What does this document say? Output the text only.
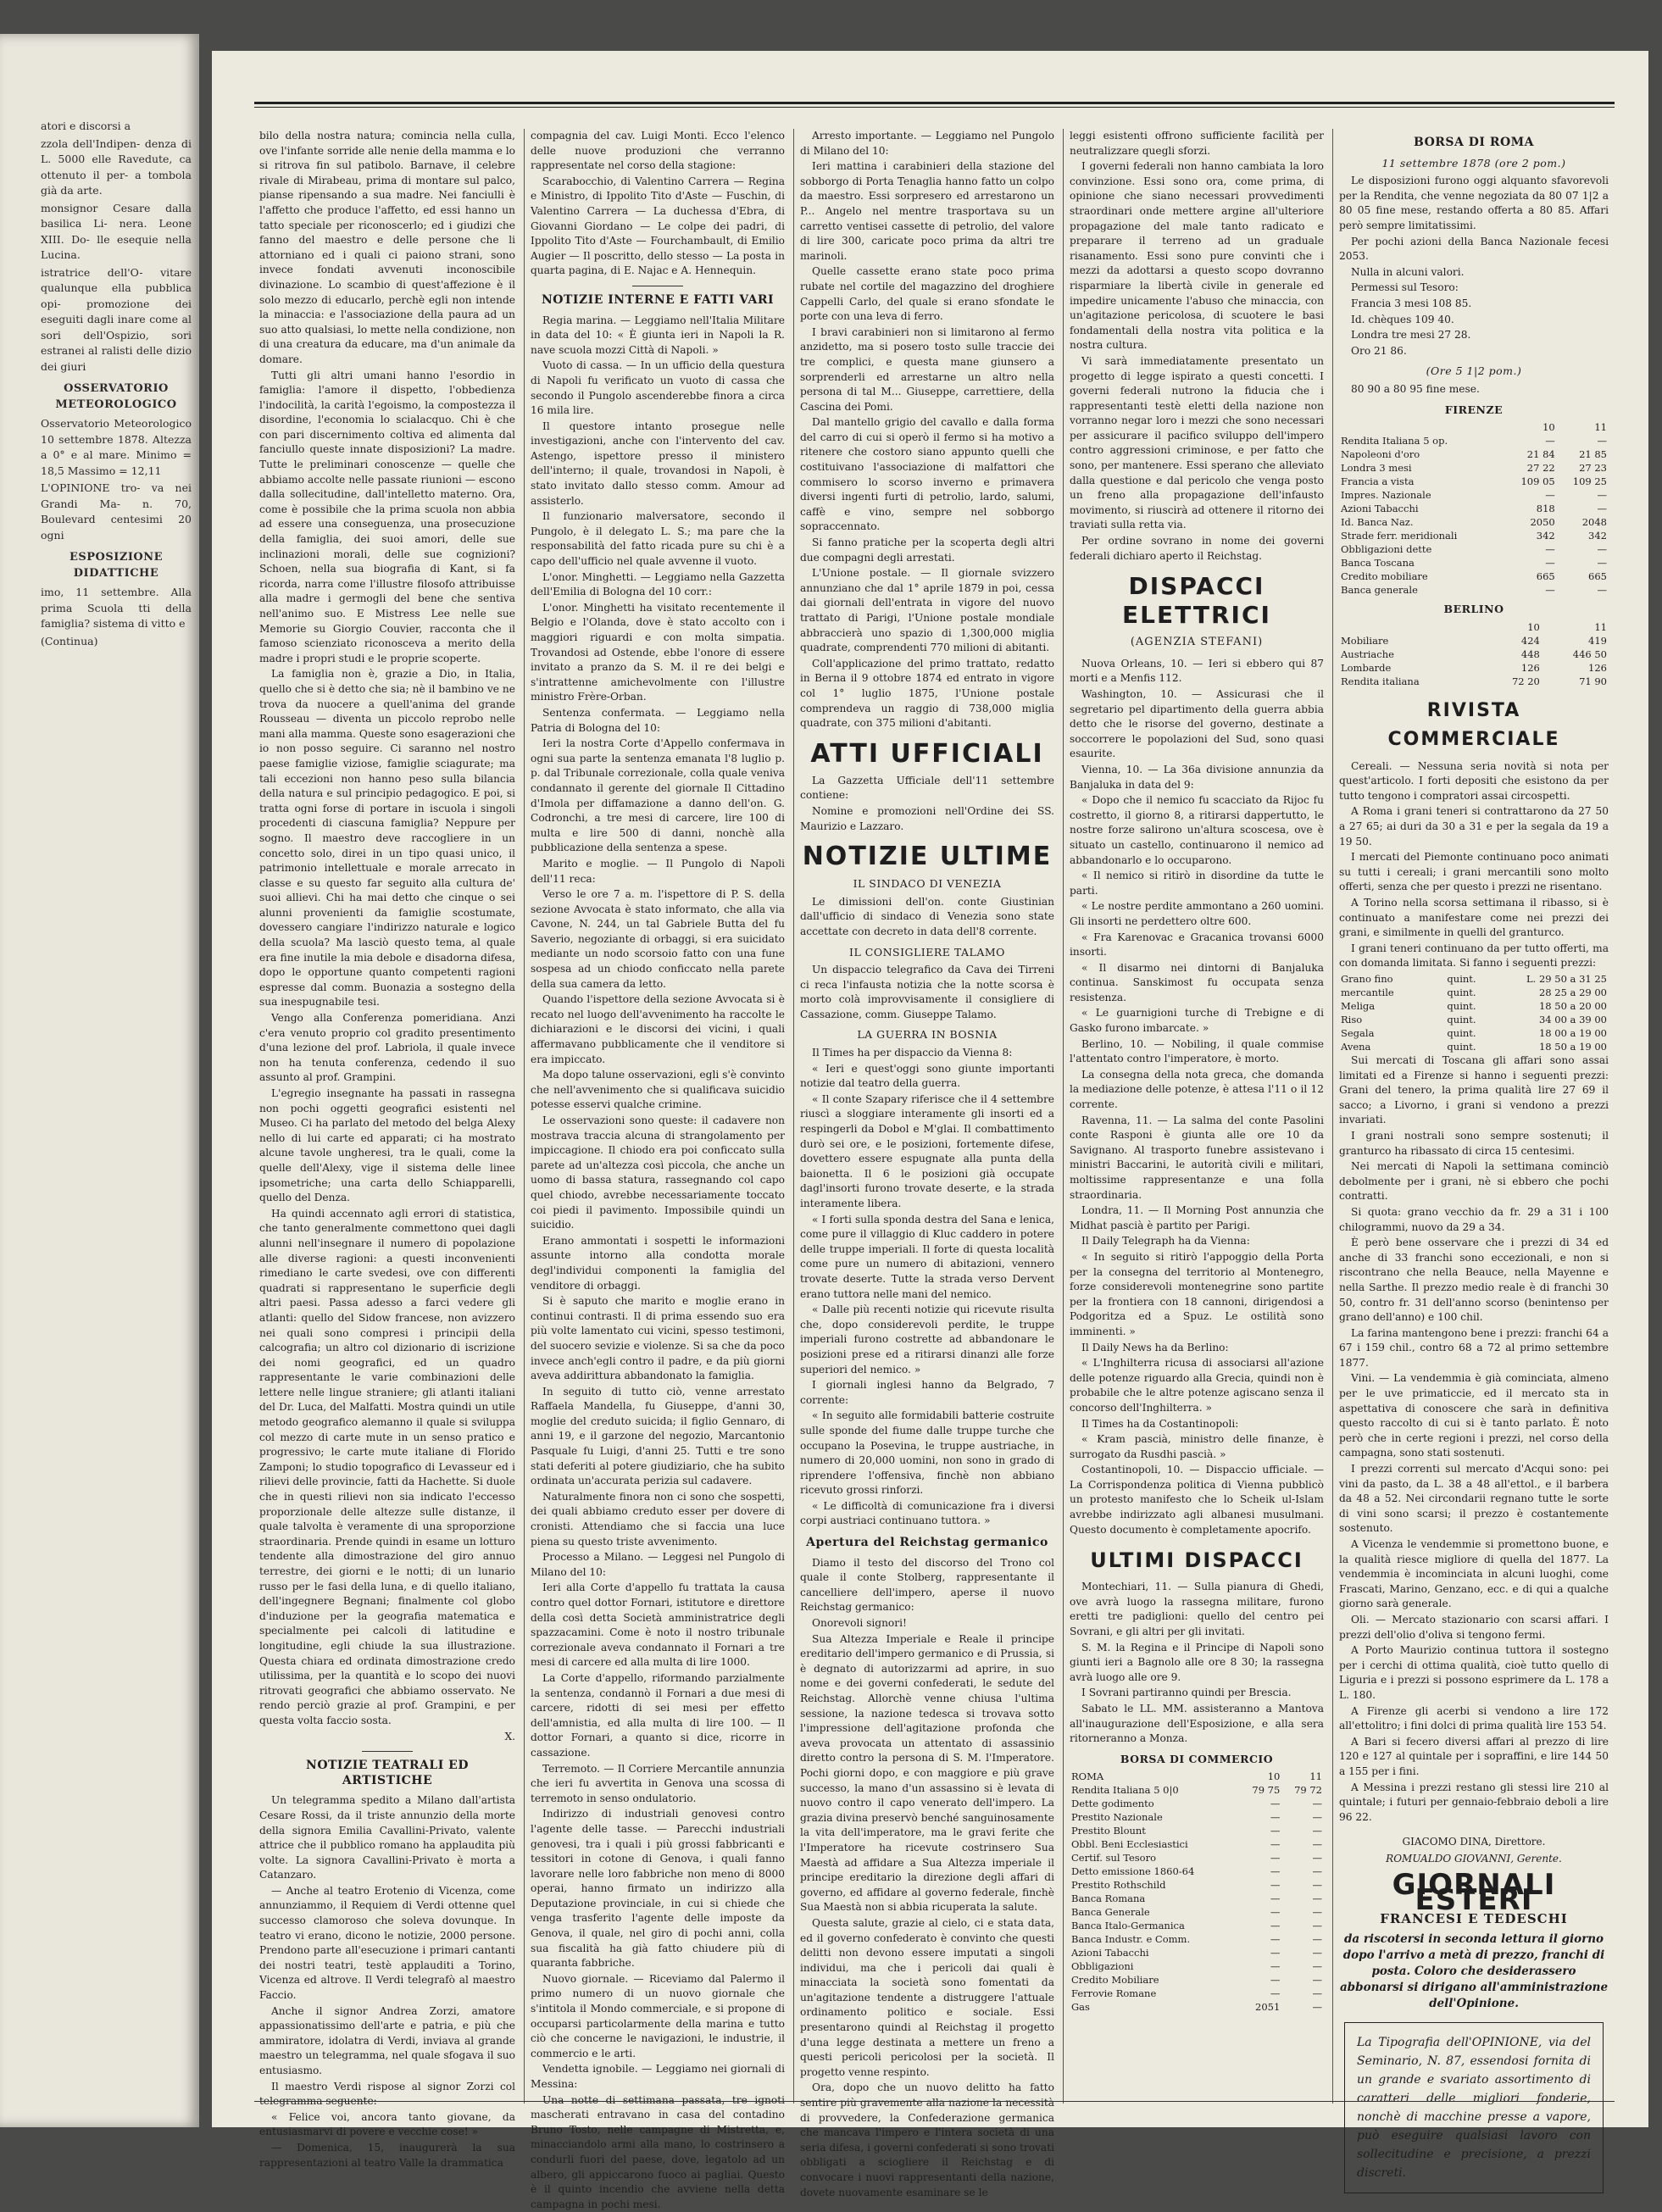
atori e discorsi a

zzola dell'Indipen- denza di L. 5000 elle Ravedute, ca ottenuto il per- a tombola già da arte.

monsignor Cesare dalla basilica Li- nera. Leone XIII. Do- lle esequie nella Lucina.

istratrice dell'O- vitare qualunque ella pubblica opi- promozione dei eseguiti dagli inare come al sori dell'Ospizio, sori estranei al ralisti delle dizio dei giuri

OSSERVATORIO METEOROLOGICO

Osservatorio Meteorologico 10 settembre 1878. Altezza a 0° e al mare. Minimo = 18,5 Massimo = 12,11

L'OPINIONE tro- va nei Grandi Ma- n. 70, Boulevard centesimi 20 ogni

ESPOSIZIONE DIDATTICHE

imo, 11 settembre. Alla prima Scuola tti della famiglia? sistema di vitto e

(Continua)

bilo della nostra natura; comincia nella culla, ove l'infante sorride alle nenie della mamma e lo si ritrova fin sul patibolo. Barnave, il celebre rivale di Mirabeau, prima di montare sul palco, pianse ripensando a sua madre. Nei fanciulli è l'affetto che produce l'affetto, ed essi hanno un tatto speciale per riconoscerlo; ed i giudizi che fanno del maestro e delle persone che li attorniano ed i quali ci paiono strani, sono invece fondati avvenuti inconoscibile divinazione. Lo scambio di quest'affezione è il solo mezzo di educarlo, perchè egli non intende la minaccia: e l'associazione della paura ad un suo atto qualsiasi, lo mette nella condizione, non di una creatura da educare, ma d'un animale da domare.

Tutti gli altri umani hanno l'esordio in famiglia: l'amore il dispetto, l'obbedienza l'indocilità, la carità l'egoismo, la compostezza il disordine, l'economia lo scialacquo. Chi è che con pari discernimento coltiva ed alimenta dal fanciullo queste innate disposizioni? La madre. Tutte le preliminari conoscenze — quelle che abbiamo accolte nelle passate riunioni — escono dalla sollecitudine, dall'intelletto materno. Ora, come è possibile che la prima scuola non abbia ad essere una conseguenza, una prosecuzione della famiglia, dei suoi amori, delle sue inclinazioni morali, delle sue cognizioni? Schoen, nella sua biografia di Kant, si fa ricorda, narra come l'illustre filosofo attribuisse alla madre i germogli del bene che sentiva nell'animo suo. E Mistress Lee nelle sue Memorie su Giorgio Couvier, racconta che il famoso scienziato riconosceva a merito della madre i propri studi e le proprie scoperte.

La famiglia non è, grazie a Dio, in Italia, quello che si è detto che sia; nè il bambino ve ne trova da nuocere a quell'anima del grande Rousseau — diventa un piccolo reprobo nelle mani alla mamma. Queste sono esagerazioni che io non posso seguire. Ci saranno nel nostro paese famiglie viziose, famiglie sciagurate; ma tali eccezioni non hanno peso sulla bilancia della natura e sul principio pedagogico. E poi, si tratta ogni forse di portare in iscuola i singoli procedenti di ciascuna famiglia? Neppure per sogno. Il maestro deve raccogliere in un concetto solo, direi in un tipo quasi unico, il patrimonio intellettuale e morale arrecato in classe e su questo far seguito alla cultura de' suoi allievi. Chi ha mai detto che cinque o sei alunni provenienti da famiglie scostumate, dovessero cangiare l'indirizzo naturale e logico della scuola? Ma lasciò questo tema, al quale era fine inutile la mia debole e disadorna difesa, dopo le opportune quanto competenti ragioni espresse dal comm. Buonazia a sostegno della sua inespugnabile tesi.

Vengo alla Conferenza pomeridiana. Anzi c'era venuto proprio col gradito presentimento d'una lezione del prof. Labriola, il quale invece non ha tenuta conferenza, cedendo il suo assunto al prof. Grampini.

L'egregio insegnante ha passati in rassegna non pochi oggetti geografici esistenti nel Museo. Ci ha parlato del metodo del belga Alexy nello di lui carte ed apparati; ci ha mostrato alcune tavole ungheresi, tra le quali, come la quelle dell'Alexy, vige il sistema delle linee ipsometriche; una carta dello Schiapparelli, quello del Denza.

Ha quindi accennato agli errori di statistica, che tanto generalmente commettono quei dagli alunni nell'insegnare il numero di popolazione alle diverse ragioni: a questi inconvenienti rimediano le carte svedesi, ove con differenti quadrati si rappresentano le superficie degli altri paesi. Passa adesso a farci vedere gli atlanti: quello del Sidow francese, non avizzero nei quali sono compresi i principii della calcografia; un altro col dizionario di iscrizione dei nomi geografici, ed un quadro rappresentante le varie combinazioni delle lettere nelle lingue straniere; gli atlanti italiani del Dr. Luca, del Malfatti. Mostra quindi un utile metodo geografico alemanno il quale si sviluppa col mezzo di carte mute in un senso pratico e progressivo; le carte mute italiane di Florido Zamponi; lo studio topografico di Levasseur ed i rilievi delle provincie, fatti da Hachette. Si duole che in questi rilievi non sia indicato l'eccesso proporzionale delle altezze sulle distanze, il quale talvolta è veramente di una sproporzione straordinaria. Prende quindi in esame un lotturo tendente alla dimostrazione del giro annuo terrestre, dei giorni e le notti; di un lunario russo per le fasi della luna, e di quello italiano, dell'ingegnere Begnani; finalmente col globo d'induzione per la geografia matematica e specialmente pei calcoli di latitudine e longitudine, egli chiude la sua illustrazione. Questa chiara ed ordinata dimostrazione credo utilissima, per la quantità e lo scopo dei nuovi ritrovati geografici che abbiamo osservato. Ne rendo perciò grazie al prof. Grampini, e per questa volta faccio sosta.

X.

NOTIZIE TEATRALI ED ARTISTICHE

Un telegramma spedito a Milano dall'artista Cesare Rossi, da il triste annunzio della morte della signora Emilia Cavallini-Privato, valente attrice che il pubblico romano ha applaudita più volte. La signora Cavallini-Privato è morta a Catanzaro.

— Anche al teatro Erotenio di Vicenza, come annunziammo, il Requiem di Verdi ottenne quel successo clamoroso che soleva dovunque. In teatro vi erano, dicono le notizie, 2000 persone. Prendono parte all'esecuzione i primari cantanti dei nostri teatri, testè applauditi a Torino, Vicenza ed altrove. Il Verdi telegrafò al maestro Faccio.

Anche il signor Andrea Zorzi, amatore appassionatissimo dell'arte e patria, e più che ammiratore, idolatra di Verdi, inviava al grande maestro un telegramma, nel quale sfogava il suo entusiasmo.

Il maestro Verdi rispose al signor Zorzi col telegramma seguente:

« Felice voi, ancora tanto giovane, da entusiasmarvi di povere e vecchie cose! »

— Domenica, 15, inaugurerà la sua rappresentazioni al teatro Valle la drammatica

compagnia del cav. Luigi Monti. Ecco l'elenco delle nuove produzioni che verranno rappresentate nel corso della stagione:

Scarabocchio, di Valentino Carrera — Regina e Ministro, di Ippolito Tito d'Aste — Fuschin, di Valentino Carrera — La duchessa d'Ebra, di Giovanni Giordano — Le colpe dei padri, di Ippolito Tito d'Aste — Fourchambault, di Emilio Augier — Il poscritto, dello stesso — La posta in quarta pagina, di E. Najac e A. Hennequin.

NOTIZIE INTERNE E FATTI VARI

Regia marina. — Leggiamo nell'Italia Militare in data del 10: « È giunta ieri in Napoli la R. nave scuola mozzi Città di Napoli. »

Vuoto di cassa. — In un ufficio della questura di Napoli fu verificato un vuoto di cassa che secondo il Pungolo ascenderebbe finora a circa 16 mila lire.

Il questore intanto prosegue nelle investigazioni, anche con l'intervento del cav. Astengo, ispettore presso il ministero dell'interno; il quale, trovandosi in Napoli, è stato invitato dallo stesso comm. Amour ad assisterlo.

Il funzionario malversatore, secondo il Pungolo, è il delegato L. S.; ma pare che la responsabilità del fatto ricada pure su chi è a capo dell'ufficio nel quale avvenne il vuoto.

L'onor. Minghetti. — Leggiamo nella Gazzetta dell'Emilia di Bologna del 10 corr.:

L'onor. Minghetti ha visitato recentemente il Belgio e l'Olanda, dove è stato accolto con i maggiori riguardi e con molta simpatia. Trovandosi ad Ostende, ebbe l'onore di essere invitato a pranzo da S. M. il re dei belgi e s'intrattenne amichevolmente con l'illustre ministro Frère-Orban.

Sentenza confermata. — Leggiamo nella Patria di Bologna del 10:

Ieri la nostra Corte d'Appello confermava in ogni sua parte la sentenza emanata l'8 luglio p. p. dal Tribunale correzionale, colla quale veniva condannato il gerente del giornale Il Cittadino d'Imola per diffamazione a danno dell'on. G. Codronchi, a tre mesi di carcere, lire 100 di multa e lire 500 di danni, nonchè alla pubblicazione della sentenza a spese.

Marito e moglie. — Il Pungolo di Napoli dell'11 reca:

Verso le ore 7 a. m. l'ispettore di P. S. della sezione Avvocata è stato informato, che alla via Cavone, N. 244, un tal Gabriele Butta del fu Saverio, negoziante di orbaggi, si era suicidato mediante un nodo scorsoio fatto con una fune sospesa ad un chiodo conficcato nella parete della sua camera da letto.

Quando l'ispettore della sezione Avvocata si è recato nel luogo dell'avvenimento ha raccolte le dichiarazioni e le discorsi dei vicini, i quali affermavano pubblicamente che il venditore si era impiccato.

Ma dopo talune osservazioni, egli s'è convinto che nell'avvenimento che si qualificava suicidio potesse esservi qualche crimine.

Le osservazioni sono queste: il cadavere non mostrava traccia alcuna di strangolamento per impiccagione. Il chiodo era poi conficcato sulla parete ad un'altezza così piccola, che anche un uomo di bassa statura, rassegnando col capo quel chiodo, avrebbe necessariamente toccato coi piedi il pavimento. Impossibile quindi un suicidio.

Erano ammontati i sospetti le informazioni assunte intorno alla condotta morale degl'individui componenti la famiglia del venditore di orbaggi.

Si è saputo che marito e moglie erano in continui contrasti. Il di prima essendo suo era più volte lamentato cui vicini, spesso testimoni, del suocero sevizie e violenze. Si sa che da poco invece anch'egli contro il padre, e da più giorni aveva addirittura abbandonato la famiglia.

In seguito di tutto ciò, venne arrestato Raffaela Mandella, fu Giuseppe, d'anni 30, moglie del creduto suicida; il figlio Gennaro, di anni 19, e il garzone del negozio, Marcantonio Pasquale fu Luigi, d'anni 25. Tutti e tre sono stati deferiti al potere giudiziario, che ha subito ordinata un'accurata perizia sul cadavere.

Naturalmente finora non ci sono che sospetti, dei quali abbiamo creduto esser per dovere di cronisti. Attendiamo che si faccia una luce piena su questo triste avvenimento.

Processo a Milano. — Leggesi nel Pungolo di Milano del 10:

Ieri alla Corte d'appello fu trattata la causa contro quel dottor Fornari, istitutore e direttore della così detta Società amministratrice degli spazzacamini. Come è noto il nostro tribunale correzionale aveva condannato il Fornari a tre mesi di carcere ed alla multa di lire 1000.

La Corte d'appello, riformando parzialmente la sentenza, condannò il Fornari a due mesi di carcere, ridotti di sei mesi per effetto dell'amnistia, ed alla multa di lire 100. — Il dottor Fornari, a quanto si dice, ricorre in cassazione.

Terremoto. — Il Corriere Mercantile annunzia che ieri fu avvertita in Genova una scossa di terremoto in senso ondulatorio.

Indirizzo di industriali genovesi contro l'agente delle tasse. — Parecchi industriali genovesi, tra i quali i più grossi fabbricanti e tessitori in cotone di Genova, i quali fanno lavorare nelle loro fabbriche non meno di 8000 operai, hanno firmato un indirizzo alla Deputazione provinciale, in cui si chiede che venga trasferito l'agente delle imposte da Genova, il quale, nel giro di pochi anni, colla sua fiscalità ha già fatto chiudere più di quaranta fabbriche.

Nuovo giornale. — Riceviamo dal Palermo il primo numero di un nuovo giornale che s'intitola il Mondo commerciale, e si propone di occuparsi particolarmente della marina e tutto ciò che concerne le navigazioni, le industrie, il commercio e le arti.

Vendetta ignobile. — Leggiamo nei giornali di Messina:

Una notte di settimana passata, tre ignoti mascherati entravano in casa del contadino Bruno Tosto, nelle campagne di Mistretta, e, minacciandolo armi alla mano, lo costrinsero a condurli fuori del paese, dove, legatolo ad un albero, gli appiccarono fuoco ai pagliai. Questo è il quinto incendio che avviene nella detta campagna in pochi mesi.

Arresto importante. — Leggiamo nel Pungolo di Milano del 10:

Ieri mattina i carabinieri della stazione del sobborgo di Porta Tenaglia hanno fatto un colpo da maestro. Essi sorpresero ed arrestarono un P... Angelo nel mentre trasportava su un carretto ventisei cassette di petrolio, del valore di lire 300, caricate poco prima da altri tre marinoli.

Quelle cassette erano state poco prima rubate nel cortile del magazzino del droghiere Cappelli Carlo, del quale si erano sfondate le porte con una leva di ferro.

I bravi carabinieri non si limitarono al fermo anzidetto, ma si posero tosto sulle traccie dei tre complici, e questa mane giunsero a sorprenderli ed arrestarne un altro nella persona di tal M... Giuseppe, carrettiere, della Cascina dei Pomi.

Dal mantello grigio del cavallo e dalla forma del carro di cui si operò il fermo si ha motivo a ritenere che costoro siano appunto quelli che costituivano l'associazione di malfattori che commisero lo scorso inverno e primavera diversi ingenti furti di petrolio, lardo, salumi, caffè e vino, sempre nel sobborgo sopraccennato.

Si fanno pratiche per la scoperta degli altri due compagni degli arrestati.

L'Unione postale. — Il giornale svizzero annunziano che dal 1° aprile 1879 in poi, cessa dai giornali dell'entrata in vigore del nuovo trattato di Parigi, l'Unione postale mondiale abbraccierà uno spazio di 1,300,000 miglia quadrate, comprendenti 770 milioni di abitanti.

Coll'applicazione del primo trattato, redatto in Berna il 9 ottobre 1874 ed entrato in vigore col 1° luglio 1875, l'Unione postale comprendeva un raggio di 738,000 miglia quadrate, con 375 milioni d'abitanti.

ATTI UFFICIALI

La Gazzetta Ufficiale dell'11 settembre contiene:

Nomine e promozioni nell'Ordine dei SS. Maurizio e Lazzaro.

NOTIZIE ULTIME
IL SINDACO DI VENEZIA

Le dimissioni dell'on. conte Giustinian dall'ufficio di sindaco di Venezia sono state accettate con decreto in data dell'8 corrente.

IL CONSIGLIERE TALAMO

Un dispaccio telegrafico da Cava dei Tirreni ci reca l'infausta notizia che la notte scorsa è morto colà improvvisamente il consigliere di Cassazione, comm. Giuseppe Talamo.

LA GUERRA IN BOSNIA

Il Times ha per dispaccio da Vienna 8:

« Ieri e quest'oggi sono giunte importanti notizie dal teatro della guerra.

« Il conte Szapary riferisce che il 4 settembre riuscì a sloggiare interamente gli insorti ed a respingerli da Dobol e M'glai. Il combattimento durò sei ore, e le posizioni, fortemente difese, dovettero essere espugnate alla punta della baionetta. Il 6 le posizioni già occupate dagl'insorti furono trovate deserte, e la strada interamente libera.

« I forti sulla sponda destra del Sana e lenica, come pure il villaggio di Kluc caddero in potere delle truppe imperiali. Il forte di questa località come pure un numero di abitazioni, vennero trovate deserte. Tutte la strada verso Dervent erano tuttora nelle mani del nemico.

« Dalle più recenti notizie qui ricevute risulta che, dopo considerevoli perdite, le truppe imperiali furono costrette ad abbandonare le posizioni prese ed a ritirarsi dinanzi alle forze superiori del nemico. »

I giornali inglesi hanno da Belgrado, 7 corrente:

« In seguito alle formidabili batterie costruite sulle sponde del fiume dalle truppe turche che occupano la Posevina, le truppe austriache, in numero di 20,000 uomini, non sono in grado di riprendere l'offensiva, finchè non abbiano ricevuto grossi rinforzi.

« Le difficoltà di comunicazione fra i diversi corpi austriaci continuano tuttora. »

Apertura del Reichstag germanico

Diamo il testo del discorso del Trono col quale il conte Stolberg, rappresentante il cancelliere dell'impero, aperse il nuovo Reichstag germanico:

Onorevoli signori!

Sua Altezza Imperiale e Reale il principe ereditario dell'impero germanico e di Prussia, si è degnato di autorizzarmi ad aprire, in suo nome e dei governi confederati, le sedute del Reichstag. Allorchè venne chiusa l'ultima sessione, la nazione tedesca si trovava sotto l'impressione dell'agitazione profonda che aveva provocata un attentato di assassinio diretto contro la persona di S. M. l'Imperatore. Pochi giorni dopo, e con maggiore e più grave successo, la mano d'un assassino si è levata di nuovo contro il capo venerato dell'impero. La grazia divina preservò benché sanguinosamente la vita dell'imperatore, ma le gravi ferite che l'Imperatore ha ricevute costrinsero Sua Maestà ad affidare a Sua Altezza imperiale il principe ereditario la direzione degli affari di governo, ed affidare al governo federale, finchè Sua Maestà non si abbia ricuperata la salute.

Questa salute, grazie al cielo, ci e stata data, ed il governo confederato è convinto che questi delitti non devono essere imputati a singoli individui, ma che i pericoli dai quali è minacciata la società sono fomentati da un'agitazione tendente a distruggere l'attuale ordinamento politico e sociale. Essi presentarono quindi al Reichstag il progetto d'una legge destinata a mettere un freno a questi pericoli pericolosi per la società. Il progetto venne respinto.

Ora, dopo che un nuovo delitto ha fatto sentire più gravemente alla nazione la necessità di provvedere, la Confederazione germanica che mancava l'impero e l'intera società di una seria difesa, i governi confederati si sono trovati obbligati a sciogliere il Reichstag e di convocare i nuovi rappresentanti della nazione, dovete nuovamente esaminare se le

leggi esistenti offrono sufficiente facilità per neutralizzare quegli sforzi.

I governi federali non hanno cambiata la loro convinzione. Essi sono ora, come prima, di opinione che siano necessari provvedimenti straordinari onde mettere argine all'ulteriore propagazione del male tanto radicato e preparare il terreno ad un graduale risanamento. Essi sono pure convinti che i mezzi da adottarsi a questo scopo dovranno risparmiare la libertà civile in generale ed impedire unicamente l'abuso che minaccia, con un'agitazione pericolosa, di scuotere le basi fondamentali della nostra vita politica e la nostra cultura.

Vi sarà immediatamente presentato un progetto di legge ispirato a questi concetti. I governi federali nutrono la fiducia che i rappresentanti testè eletti della nazione non vorranno negar loro i mezzi che sono necessari per assicurare il pacifico sviluppo dell'impero contro aggressioni criminose, e per fatto che sono, per mantenere. Essi sperano che alleviato dalla questione e dal pericolo che venga posto un freno alla propagazione dell'infausto movimento, si riuscirà ad ottenere il ritorno dei traviati sulla retta via.

Per ordine sovrano in nome dei governi federali dichiaro aperto il Reichstag.

DISPACCI ELETTRICI
(AGENZIA STEFANI)

Nuova Orleans, 10. — Ieri si ebbero qui 87 morti e a Menfis 112.

Washington, 10. — Assicurasi che il segretario pel dipartimento della guerra abbia detto che le risorse del governo, destinate a soccorrere le popolazioni del Sud, sono quasi esaurite.

Vienna, 10. — La 36a divisione annunzia da Banjaluka in data del 9:

« Dopo che il nemico fu scacciato da Rijoc fu costretto, il giorno 8, a ritirarsi dappertutto, le nostre forze salirono un'altura scoscesa, ove è situato un castello, continuarono il nemico ad abbandonarlo e lo occuparono.

« Il nemico si ritirò in disordine da tutte le parti.

« Le nostre perdite ammontano a 260 uomini. Gli insorti ne perdettero oltre 600.

« Fra Karenovac e Gracanica trovansi 6000 insorti.

« Il disarmo nei dintorni di Banjaluka continua. Sanskimost fu occupata senza resistenza.

« Le guarnigioni turche di Trebigne e di Gasko furono imbarcate. »

Berlino, 10. — Nobiling, il quale commise l'attentato contro l'imperatore, è morto.

La consegna della nota greca, che domanda la mediazione delle potenze, è attesa l'11 o il 12 corrente.

Ravenna, 11. — La salma del conte Pasolini conte Rasponi è giunta alle ore 10 da Savignano. Al trasporto funebre assistevano i ministri Baccarini, le autorità civili e militari, moltissime rappresentanze e una folla straordinaria.

Londra, 11. — Il Morning Post annunzia che Midhat pascià è partito per Parigi.

Il Daily Telegraph ha da Vienna:

« In seguito si ritirò l'appoggio della Porta per la consegna del territorio al Montenegro, forze considerevoli montenegrine sono partite per la frontiera con 18 cannoni, dirigendosi a Podgoritza ed a Spuz. Le ostilità sono imminenti. »

Il Daily News ha da Berlino:

« L'Inghilterra ricusa di associarsi all'azione delle potenze riguardo alla Grecia, quindi non è probabile che le altre potenze agiscano senza il concorso dell'Inghilterra. »

Il Times ha da Costantinopoli:

« Kram pascià, ministro delle finanze, è surrogato da Rusdhi pascià. »

Costantinopoli, 10. — Dispaccio ufficiale. — La Corrispondenza politica di Vienna pubblicò un protesto manifesto che lo Scheik ul-Islam avrebbe indirizzato agli albanesi musulmani. Questo documento è completamente apocrifo.

ULTIMI DISPACCI

Montechiari, 11. — Sulla pianura di Ghedi, ove avrà luogo la rassegna militare, furono eretti tre padiglioni: quello del centro pei Sovrani, e gli altri per gli invitati.

S. M. la Regina e il Principe di Napoli sono giunti ieri a Bagnolo alle ore 8 30; la rassegna avrà luogo alle ore 9.

I Sovrani partiranno quindi per Brescia.

Sabato le LL. MM. assisteranno a Mantova all'inaugurazione dell'Esposizione, e alla sera ritorneranno a Monza.

BORSA DI COMMERCIO
ROMA	10	11
Rendita Italiana 5 0|0	79 75	79 72
Dette godimento	—	—
Prestito Nazionale	—	—
Prestito Blount	—	—
Obbl. Beni Ecclesiastici	—	—
Certif. sul Tesoro	—	—
Detto emissione 1860-64	—	—
Prestito Rothschild	—	—
Banca Romana	—	—
Banca Generale	—	—
Banca Italo-Germanica	—	—
Banca Industr. e Comm.	—	—
Azioni Tabacchi	—	—
Obbligazioni	—	—
Credito Mobiliare	—	—
Ferrovie Romane	—	—
Gas	2051	—
BORSA DI ROMA
11 settembre 1878 (ore 2 pom.)

Le disposizioni furono oggi alquanto sfavorevoli per la Rendita, che venne negoziata da 80 07 1|2 a 80 05 fine mese, restando offerta a 80 85. Affari però sempre limitatissimi.

Per pochi azioni della Banca Nazionale fecesi 2053.

Nulla in alcuni valori.

Permessi sul Tesoro:

Francia 3 mesi 108 85.

Id. chèques 109 40.

Londra tre mesi 27 28.

Oro 21 86.

(Ore 5 1|2 pom.)

80 90 a 80 95 fine mese.

FIRENZE
	10	11
Rendita Italiana 5 op.	—	—
Napoleoni d'oro	21 84	21 85
Londra 3 mesi	27 22	27 23
Francia a vista	109 05	109 25
Impres. Nazionale	—	—
Azioni Tabacchi	818	—
Id. Banca Naz.	2050	2048
Strade ferr. meridionali	342	342
Obbligazioni dette	—	—
Banca Toscana	—	—
Credito mobiliare	665	665
Banca generale	—	—
BERLINO
	10	11
Mobiliare	424	419
Austriache	448	446 50
Lombarde	126	126
Rendita italiana	72 20	71 90
RIVISTA COMMERCIALE

Cereali. — Nessuna seria novità si nota per quest'articolo. I forti depositi che esistono da per tutto tengono i compratori assai circospetti.

A Roma i grani teneri si contrattarono da 27 50 a 27 65; ai duri da 30 a 31 e per la segala da 19 a 19 50.

I mercati del Piemonte continuano poco animati su tutti i cereali; i grani mercantili sono molto offerti, senza che per questo i prezzi ne risentano.

A Torino nella scorsa settimana il ribasso, si è continuato a manifestare come nei prezzi dei grani, e similmente in quelli del granturco.

I grani teneri continuano da per tutto offerti, ma con domanda limitata. Si fanno i seguenti prezzi:

Grano fino	quint.	L. 29 50 a 31 25
mercantile	quint.	28 25 a 29 00
Meliga	quint.	18 50 a 20 00
Riso	quint.	34 00 a 39 00
Segala	quint.	18 00 a 19 00
Avena	quint.	18 50 a 19 00

Sui mercati di Toscana gli affari sono assai limitati ed a Firenze si hanno i seguenti prezzi: Grani del tenero, la prima qualità lire 27 69 il sacco; a Livorno, i grani si vendono a prezzi invariati.

I grani nostrali sono sempre sostenuti; il granturco ha ribassato di circa 15 centesimi.

Nei mercati di Napoli la settimana cominciò debolmente per i grani, nè si ebbero che pochi contratti.

Si quota: grano vecchio da fr. 29 a 31 i 100 chilogrammi, nuovo da 29 a 34.

È però bene osservare che i prezzi di 34 ed anche di 33 franchi sono eccezionali, e non si riscontrano che nella Beauce, nella Mayenne e nella Sarthe. Il prezzo medio reale è di franchi 30 50, contro fr. 31 dell'anno scorso (benintenso per grano dell'anno) e 100 chil.

La farina mantengono bene i prezzi: franchi 64 a 67 i 159 chil., contro 68 a 72 al primo settembre 1877.

Vini. — La vendemmia è già cominciata, almeno per le uve primaticcie, ed il mercato sta in aspettativa di conoscere che sarà in definitiva questo raccolto di cui si è tanto parlato. È noto però che in certe regioni i prezzi, nel corso della campagna, sono stati sostenuti.

I prezzi correnti sul mercato d'Acqui sono: pei vini da pasto, da L. 38 a 48 all'ettol., e il barbera da 48 a 52. Nei circondarii regnano tutte le sorte di vini sono scarsi; il prezzo è costantemente sostenuto.

A Vicenza le vendemmie si promettono buone, e la qualità riesce migliore di quella del 1877. La vendemmia è incominciata in alcuni luoghi, come Frascati, Marino, Genzano, ecc. e di qui a qualche giorno sarà generale.

Oli. — Mercato stazionario con scarsi affari. I prezzi dell'olio d'oliva si tengono fermi.

A Porto Maurizio continua tuttora il sostegno per i cerchi di ottima qualità, cioè tutto quello di Liguria e i prezzi si possono esprimere da L. 178 a L. 180.

A Firenze gli acerbi si vendono a lire 172 all'ettolitro; i fini dolci di prima qualità lire 153 54.

A Bari si fecero diversi affari al prezzo di lire 120 e 127 al quintale per i sopraffini, e lire 144 50 a 155 per i fini.

A Messina i prezzi restano gli stessi lire 210 al quintale; i futuri per gennaio-febbraio deboli a lire 96 22.

GIACOMO DINA, Direttore.
ROMUALDO GIOVANNI, Gerente.
GIORNALI ESTERI
FRANCESI E TEDESCHI
da riscotersi in seconda lettura il giorno dopo l'arrivo a metà di prezzo, franchi di posta. Coloro che desiderassero abbonarsi si dirigano all'amministrazione dell'Opinione.
La Tipografia dell'OPINIONE, via del Seminario, N. 87, essendosi fornita di un grande e svariato assortimento di caratteri delle migliori fonderie, nonchè di macchine presse a vapore, può eseguire qualsiasi lavoro con sollecitudine e precisione, a prezzi discreti.
